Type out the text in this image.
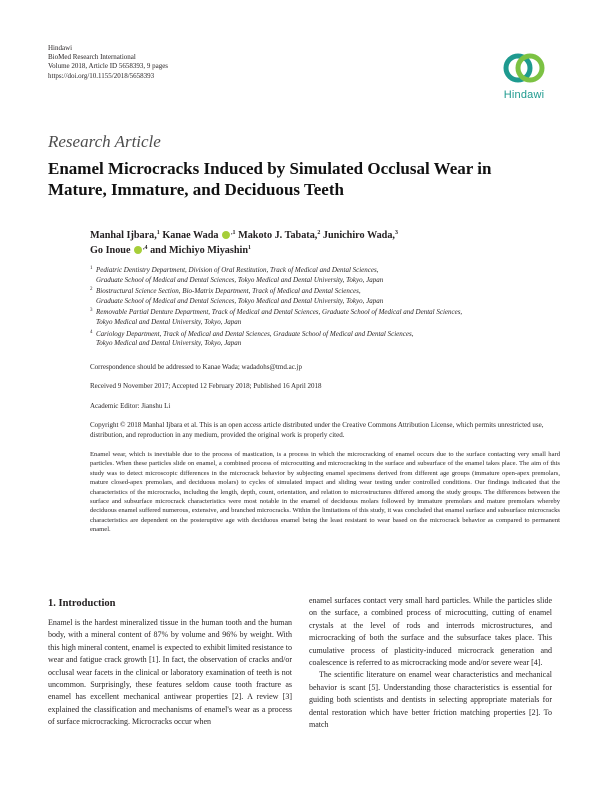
Hindawi
BioMed Research International
Volume 2018, Article ID 5658393, 9 pages
https://doi.org/10.1155/2018/5658393
Hindawi
Research Article
Enamel Microcracks Induced by Simulated Occlusal Wear in Mature, Immature, and Deciduous Teeth
Manhal Ijbara,$^1$ Kanae Wada $^{,1}$ Makoto J. Tabata,$^2$ Junichiro Wada,$^3$
Go Inoue $^{,4}$ and Michiyo Miyashin$^1$
1 Pediatric Dentistry Department, Division of Oral Restitution, Track of Medical and Dental Sciences,
Graduate School of Medical and Dental Sciences, Tokyo Medical and Dental University, Tokyo, Japan
2 Biostructural Science Section, Bio-Matrix Department, Track of Medical and Dental Sciences,
Graduate School of Medical and Dental Sciences, Tokyo Medical and Dental University, Tokyo, Japan
3 Removable Partial Denture Department, Track of Medical and Dental Sciences, Graduate School of Medical and Dental Sciences,
Tokyo Medical and Dental University, Tokyo, Japan
4 Cariology Department, Track of Medical and Dental Sciences, Graduate School of Medical and Dental Sciences,
Tokyo Medical and Dental University, Tokyo, Japan
Correspondence should be addressed to Kanae Wada; wadadohs@tmd.ac.jp
Received 9 November 2017; Accepted 12 February 2018; Published 16 April 2018
Academic Editor: Jianshu Li
Copyright © 2018 Manhal Ijbara et al. This is an open access article distributed under the Creative Commons Attribution License, which permits unrestricted use, distribution, and reproduction in any medium, provided the original work is properly cited.
Enamel wear, which is inevitable due to the process of mastication, is a process in which the microcracking of enamel occurs due to the surface contacting very small hard particles. When these particles slide on enamel, a combined process of microcutting and microcracking in the surface and subsurface of the enamel takes place. The aim of this study was to detect microscopic differences in the microcrack behavior by subjecting enamel specimens derived from different age groups (immature open-apex premolars, mature closed-apex premolars, and deciduous molars) to cycles of simulated impact and sliding wear testing under controlled conditions. Our findings indicated that the characteristics of the microcracks, including the length, depth, count, orientation, and relation to microstructures differed among the study groups. The differences between the surface and subsurface microcrack characteristics were most notable in the enamel of deciduous molars followed by immature premolars and mature premolars whereby deciduous enamel suffered numerous, extensive, and branched microcracks. Within the limitations of this study, it was concluded that enamel surface and subsurface microcracks characteristics are dependent on the posteruptive age with deciduous enamel being the least resistant to wear based on the microcrack behavior as compared to permanent enamel.
1. Introduction

Enamel is the hardest mineralized tissue in the human tooth and the human body, with a mineral content of 87% by volume and 96% by weight. With this high mineral content, enamel is expected to exhibit limited resistance to wear and fatigue crack growth [1]. In fact, the observation of cracks and/or occlusal wear facets in the clinical or laboratory examination of teeth is not uncommon. Surprisingly, these features seldom cause tooth fracture as enamel has excellent mechanical antiwear properties [2]. A review [3] explained the classification and mechanisms of enamel's wear as a process of surface microcracking. Microcracks occur when

enamel surfaces contact very small hard particles. While the particles slide on the surface, a combined process of microcutting, cutting of enamel crystals at the level of rods and interrods microstructures, and microcracking of both the surface and the subsurface takes place. This cumulative process of plasticity-induced microcrack generation and coalescence is referred to as microcracking mode and/or severe wear [4].

The scientific literature on enamel wear characteristics and mechanical behavior is scant [5]. Understanding those characteristics is essential for guiding both scientists and dentists in selecting appropriate materials for dental restoration which have better friction matching properties [2]. To match
